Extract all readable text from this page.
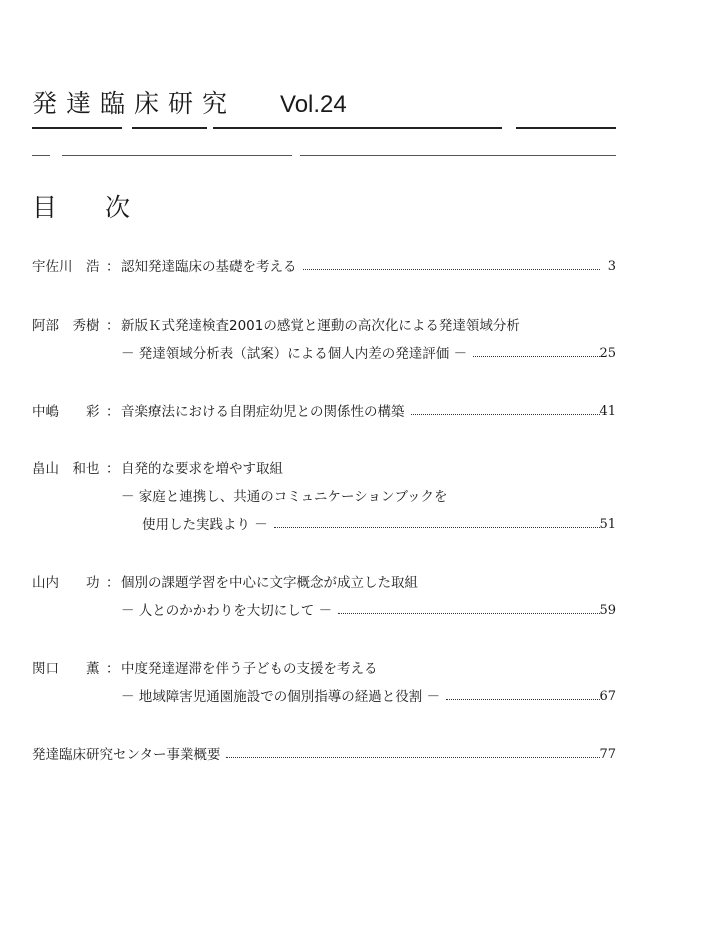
発達臨床研究 Vol.24
目 次
宇佐川　浩 ： 認知発達臨床の基礎を考える	3
阿部　秀樹 ： 新版Ｋ式発達検査2001の感覚と運動の高次化による発達領域分析
－ 発達領域分析表（試案）による個人内差の発達評価 －	25
中嶋　　彩 ： 音楽療法における自閉症幼児との関係性の構築	41
畠山　和也 ： 自発的な要求を増やす取組
－ 家庭と連携し、共通のコミュニケーションブックを
使用した実践より －	51
山内　　功 ： 個別の課題学習を中心に文字概念が成立した取組
－ 人とのかかわりを大切にして －	59
関口　　薫 ： 中度発達遅滞を伴う子どもの支援を考える
－ 地域障害児通園施設での個別指導の経過と役割 －	67
発達臨床研究センター事業概要	77
